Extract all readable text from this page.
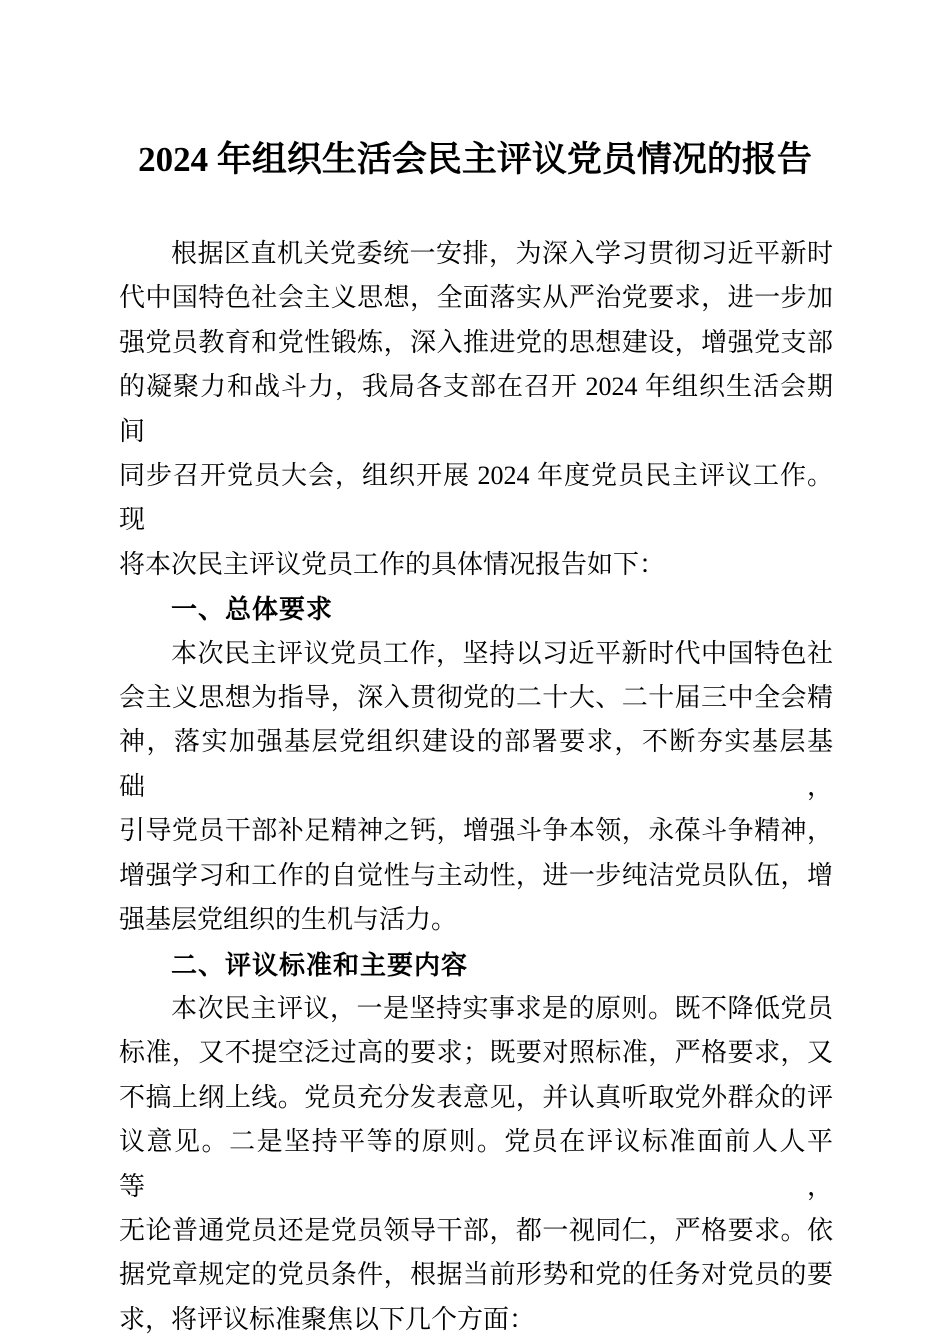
2024 年组织生活会民主评议党员情况的报告
根据区直机关党委统一安排，为深入学习贯彻习近平新时
代中国特色社会主义思想，全面落实从严治党要求，进一步加
强党员教育和党性锻炼，深入推进党的思想建设，增强党支部
的凝聚力和战斗力，我局各支部在召开 2024 年组织生活会期间
同步召开党员大会，组织开展 2024 年度党员民主评议工作。现
将本次民主评议党员工作的具体情况报告如下：
一、总体要求
本次民主评议党员工作，坚持以习近平新时代中国特色社
会主义思想为指导，深入贯彻党的二十大、二十届三中全会精
神，落实加强基层党组织建设的部署要求，不断夯实基层基础，
引导党员干部补足精神之钙，增强斗争本领，永葆斗争精神，
增强学习和工作的自觉性与主动性，进一步纯洁党员队伍，增
强基层党组织的生机与活力。
二、评议标准和主要内容
本次民主评议，一是坚持实事求是的原则。既不降低党员
标准，又不提空泛过高的要求；既要对照标准，严格要求，又
不搞上纲上线。党员充分发表意见，并认真听取党外群众的评
议意见。二是坚持平等的原则。党员在评议标准面前人人平等，
无论普通党员还是党员领导干部，都一视同仁，严格要求。依
据党章规定的党员条件，根据当前形势和党的任务对党员的要
求，将评议标准聚焦以下几个方面：
